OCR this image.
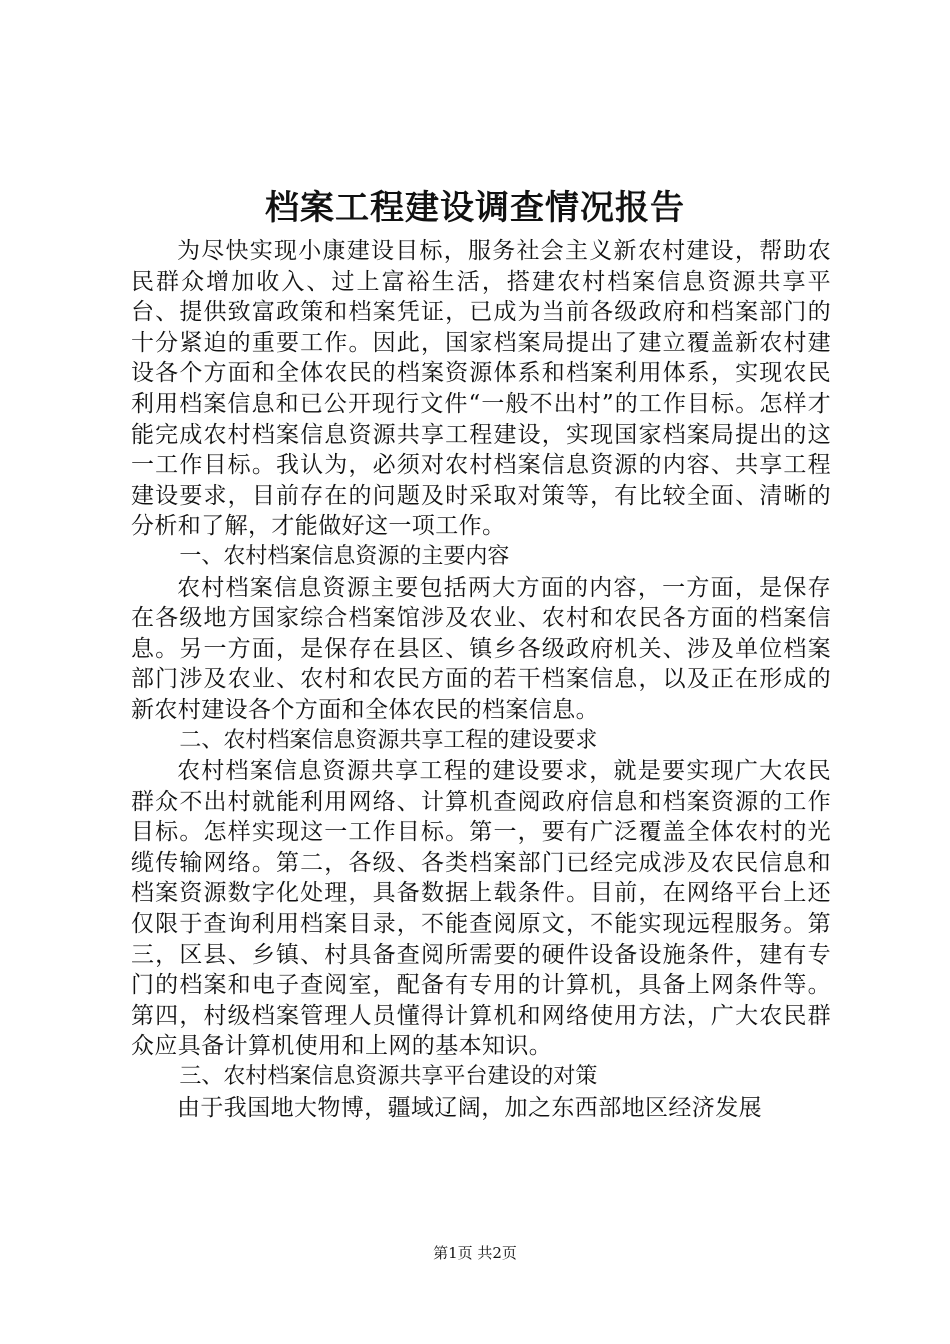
档案工程建设调查情况报告

为尽快实现小康建设目标，服务社会主义新农村建设，帮助农民群众增加收入、过上富裕生活，搭建农村档案信息资源共享平台、提供致富政策和档案凭证，已成为当前各级政府和档案部门的十分紧迫的重要工作。因此，国家档案局提出了建立覆盖新农村建设各个方面和全体农民的档案资源体系和档案利用体系，实现农民利用档案信息和已公开现行文件“一般不出村”的工作目标。怎样才能完成农村档案信息资源共享工程建设，实现国家档案局提出的这一工作目标。我认为，必须对农村档案信息资源的内容、共享工程建设要求，目前存在的问题及时采取对策等，有比较全面、清晰的分析和了解，才能做好这一项工作。

一、农村档案信息资源的主要内容

农村档案信息资源主要包括两大方面的内容，一方面，是保存在各级地方国家综合档案馆涉及农业、农村和农民各方面的档案信息。另一方面，是保存在县区、镇乡各级政府机关、涉及单位档案部门涉及农业、农村和农民方面的若干档案信息，以及正在形成的新农村建设各个方面和全体农民的档案信息。

二、农村档案信息资源共享工程的建设要求

农村档案信息资源共享工程的建设要求，就是要实现广大农民群众不出村就能利用网络、计算机查阅政府信息和档案资源的工作目标。怎样实现这一工作目标。第一，要有广泛覆盖全体农村的光缆传输网络。第二，各级、各类档案部门已经完成涉及农民信息和档案资源数字化处理，具备数据上载条件。目前，在网络平台上还仅限于查询利用档案目录，不能查阅原文，不能实现远程服务。第三，区县、乡镇、村具备查阅所需要的硬件设备设施条件，建有专门的档案和电子查阅室，配备有专用的计算机，具备上网条件等。第四，村级档案管理人员懂得计算机和网络使用方法，广大农民群众应具备计算机使用和上网的基本知识。

三、农村档案信息资源共享平台建设的对策

由于我国地大物博，疆域辽阔，加之东西部地区经济发展

第1页 共2页
